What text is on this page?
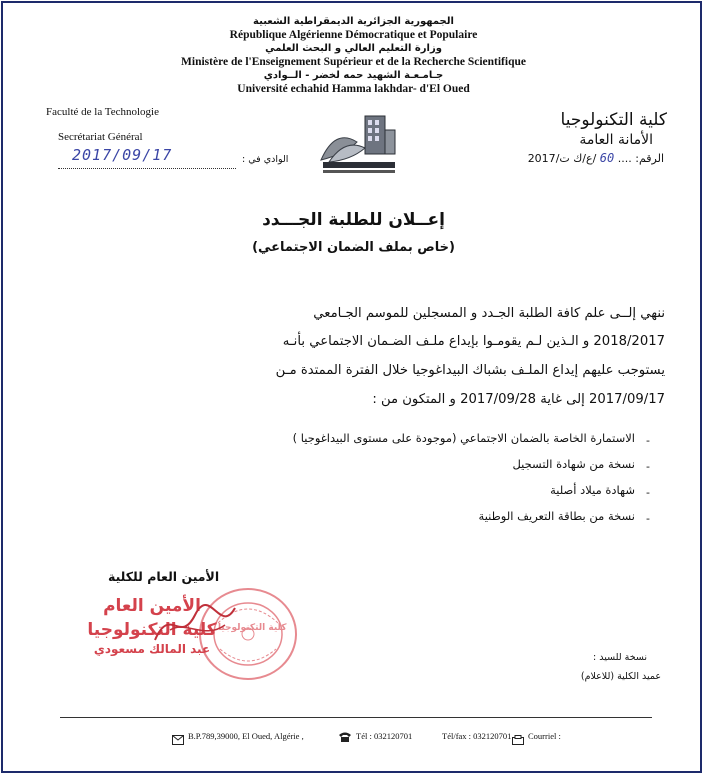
الجمهورية الجزائرية الديمقراطية الشعبية
République Algérienne Démocratique et Populaire
وزارة التعليم العالي و البحث العلمي
Ministère de l'Enseignement Supérieur et de la Recherche Scientifique
جـامـعـة الشهيد حمه لخضر - الــوادي
Université echahid Hamma lakhdar- d'El Oued
Faculté de la Technologie
Secrétariat Général
2017/09/17	الوادي في :
كلية التكنولوجيا
الأمانة العامة
الرقم: .... 60 /ع/ك ت/2017
إعــلان للطلبة الجـــدد
(خاص بملف الضمان الاجتماعي)
ننهي إلــى علم كافة الطلبة الجـدد و المسجلين للموسم الجـامعي
2018/2017 و الـذين لـم يقومـوا بإيداع ملـف الضـمان الاجتماعي بأنـه
يستوجب عليهم إيداع الملـف بشباك البيداغوجيا خلال الفترة الممتدة مـن
2017/09/17 إلى غاية 2017/09/28 و المتكون من :
-
الاستمارة الخاصة بالضمان الاجتماعي (موجودة على مستوى البيداغوجيا )
-
نسخة من شهادة التسجيل
-
شهادة ميلاد أصلية
-
نسخة من بطاقة التعريف الوطنية
الأمين العام للكلية
كلية التكنولوجيا
الأمين العام
كلية التكنولوجيا
عبد المالك مسعودي
نسخة للسيد :
عميد الكلية (للاعلام)
B.P.789,39000, El Oued, Algérie ,	Tél : 032120701	Tél/fax : 032120701 Courriel :
